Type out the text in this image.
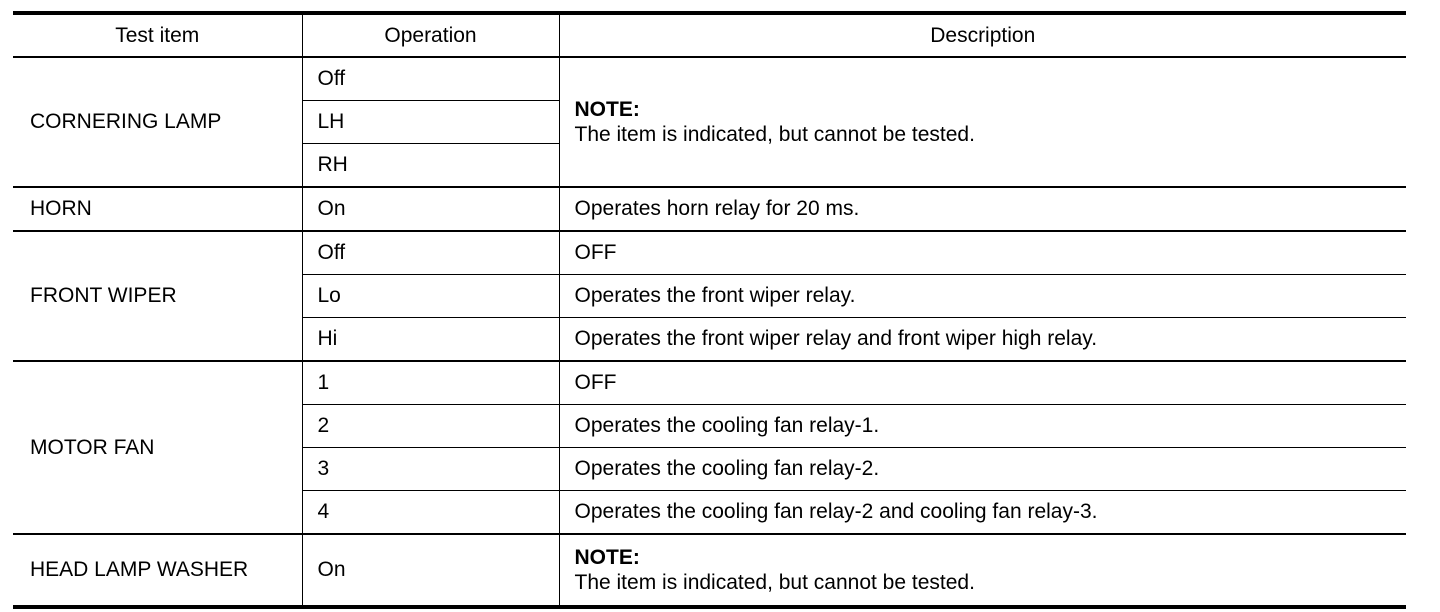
Test item	Operation	Description
CORNERING LAMP	Off	NOTE:
The item is indicated, but cannot be tested.

	LH	
	RH	
HORN	On	Operates horn relay for 20 ms.
FRONT WIPER	Off	OFF
	Lo	Operates the front wiper relay.
	Hi	Operates the front wiper relay and front wiper high relay.
MOTOR FAN	1	OFF
	2	Operates the cooling fan relay-1.
	3	Operates the cooling fan relay-2.
	4	Operates the cooling fan relay-2 and cooling fan relay-3.
HEAD LAMP WASHER	On	NOTE:
The item is indicated, but cannot be tested.
